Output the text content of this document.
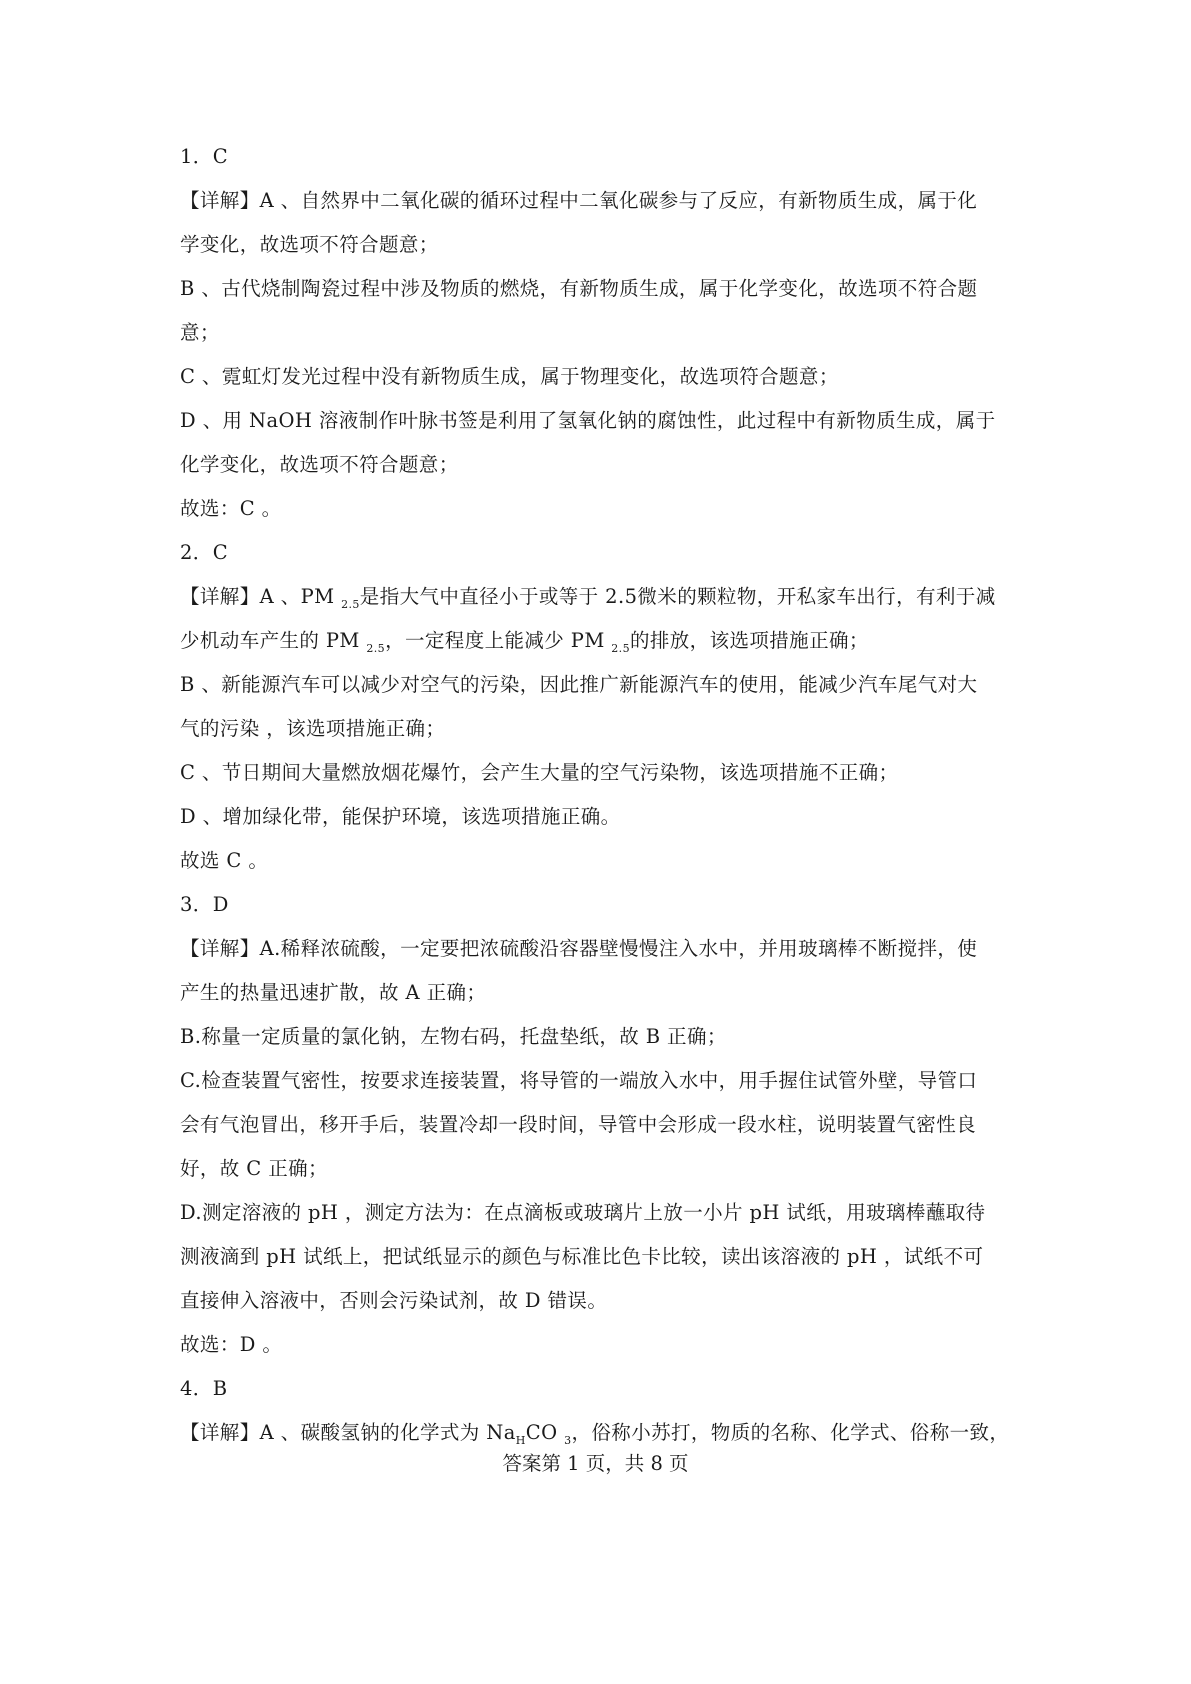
1．C
【详解】A 、自然界中二氧化碳的循环过程中二氧化碳参与了反应，有新物质生成，属于化
学变化，故选项不符合题意；
B 、古代烧制陶瓷过程中涉及物质的燃烧，有新物质生成，属于化学变化，故选项不符合题
意；
C 、霓虹灯发光过程中没有新物质生成，属于物理变化，故选项符合题意；
D 、用 NaOH 溶液制作叶脉书签是利用了氢氧化钠的腐蚀性，此过程中有新物质生成，属于
化学变化，故选项不符合题意；
故选：C 。
2．C
【详解】A 、PM $_{2.5}$是指大气中直径小于或等于 2.5微米的颗粒物，开私家车出行，有利于减
少机动车产生的 PM $_{2.5}$，一定程度上能减少 PM $_{2.5}$的排放，该选项措施正确；
B 、新能源汽车可以减少对空气的污染，因此推广新能源汽车的使用，能减少汽车尾气对大
气的污染 ，该选项措施正确；
C 、节日期间大量燃放烟花爆竹，会产生大量的空气污染物，该选项措施不正确；
D 、增加绿化带，能保护环境，该选项措施正确。
故选 C 。
3．D
【详解】A.稀释浓硫酸，一定要把浓硫酸沿容器壁慢慢注入水中，并用玻璃棒不断搅拌，使
产生的热量迅速扩散，故 A 正确；
B.称量一定质量的氯化钠，左物右码，托盘垫纸，故 B 正确；
C.检查装置气密性，按要求连接装置，将导管的一端放入水中，用手握住试管外壁，导管口
会有气泡冒出，移开手后，装置冷却一段时间，导管中会形成一段水柱，说明装置气密性良
好，故 C 正确；
D.测定溶液的 pH ，测定方法为：在点滴板或玻璃片上放一小片 pH 试纸，用玻璃棒蘸取待
测液滴到 pH 试纸上，把试纸显示的颜色与标准比色卡比较，读出该溶液的 pH ，试纸不可
直接伸入溶液中，否则会污染试剂，故 D 错误。
故选：D 。
4．B
【详解】A 、碳酸氢钠的化学式为 $Na_HCO$ $_3$，俗称小苏打，物质的名称、化学式、俗称一致，
答案第 1 页，共 8 页
